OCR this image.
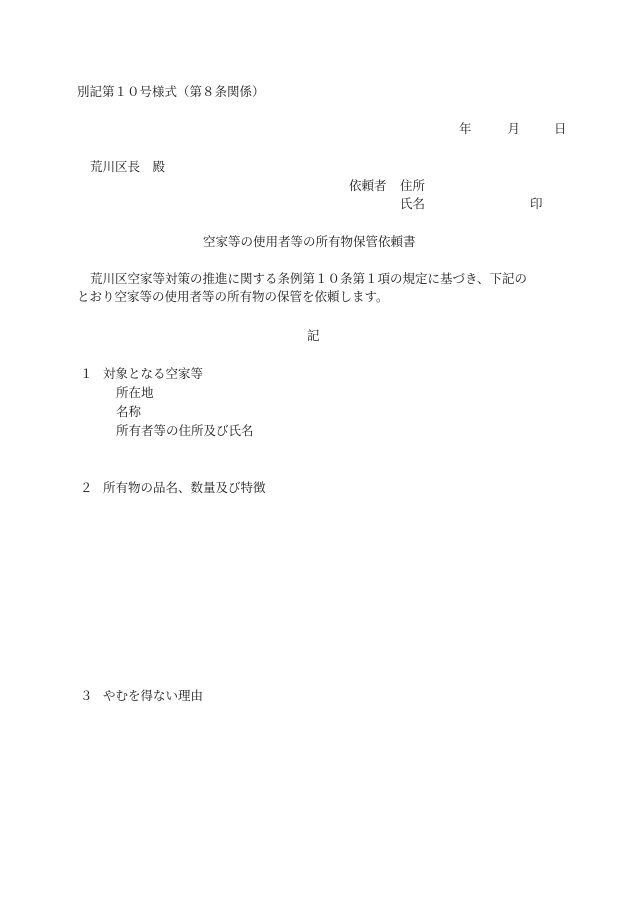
別記第１０号様式（第８条関係）
年	月	日
荒川区長　殿
依頼者 住所
氏名	印
空家等の使用者等の所有物保管依頼書
荒川区空家等対策の推進に関する条例第１０条第１項の規定に基づき、下記の
とおり空家等の使用者等の所有物の保管を依頼します。
記
１ 対象となる空家等
所在地
名称
所有者等の住所及び氏名
２ 所有物の品名、数量及び特徴
３ やむを得ない理由
